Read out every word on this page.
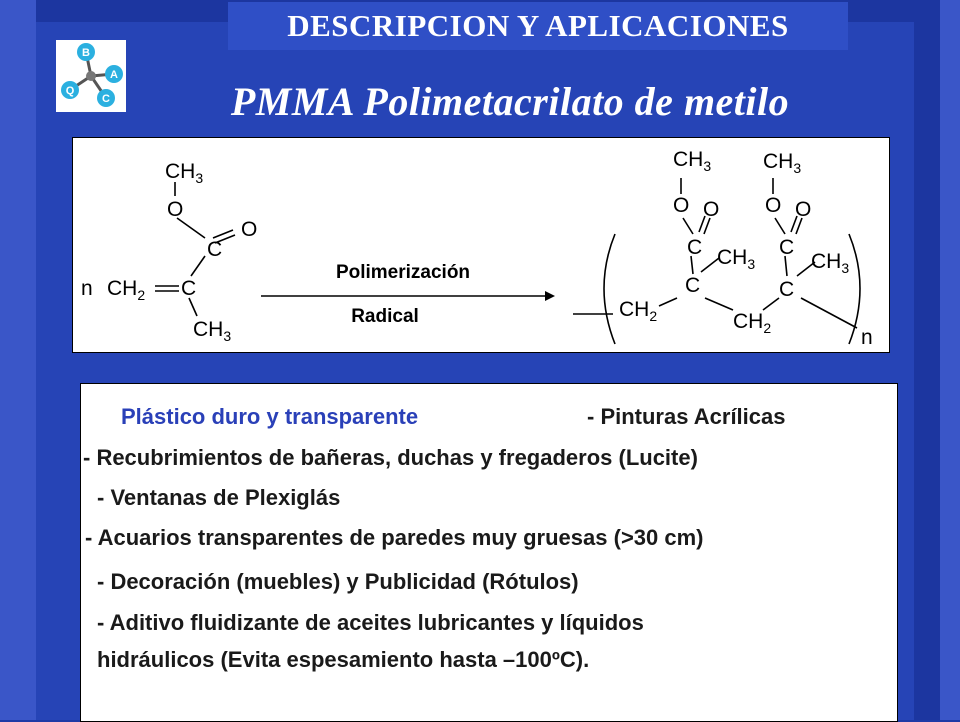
DESCRIPCION Y APLICACIONES
B
A
C
Q	PMMA Polimetacrilato de metilo
$CH_3$
O
C
O
n $CH_2$ C
$CH_3$
$CH_3$
O
C
O
$CH_3$
C
$CH_2$	$CH_2$
$CH_3$
O
C
O
$CH_3$
C
n
Polimerización
Radical
Plástico duro y transparente	- Pinturas Acrílicas
- Recubrimientos de bañeras, duchas y fregaderos (Lucite)
- Ventanas de Plexiglás
- Acuarios transparentes de paredes muy gruesas (>30 cm)
- Decoración (muebles) y Publicidad (Rótulos)
- Aditivo fluidizante de aceites lubricantes y líquidos
hidráulicos (Evita espesamiento hasta –100ºC).
